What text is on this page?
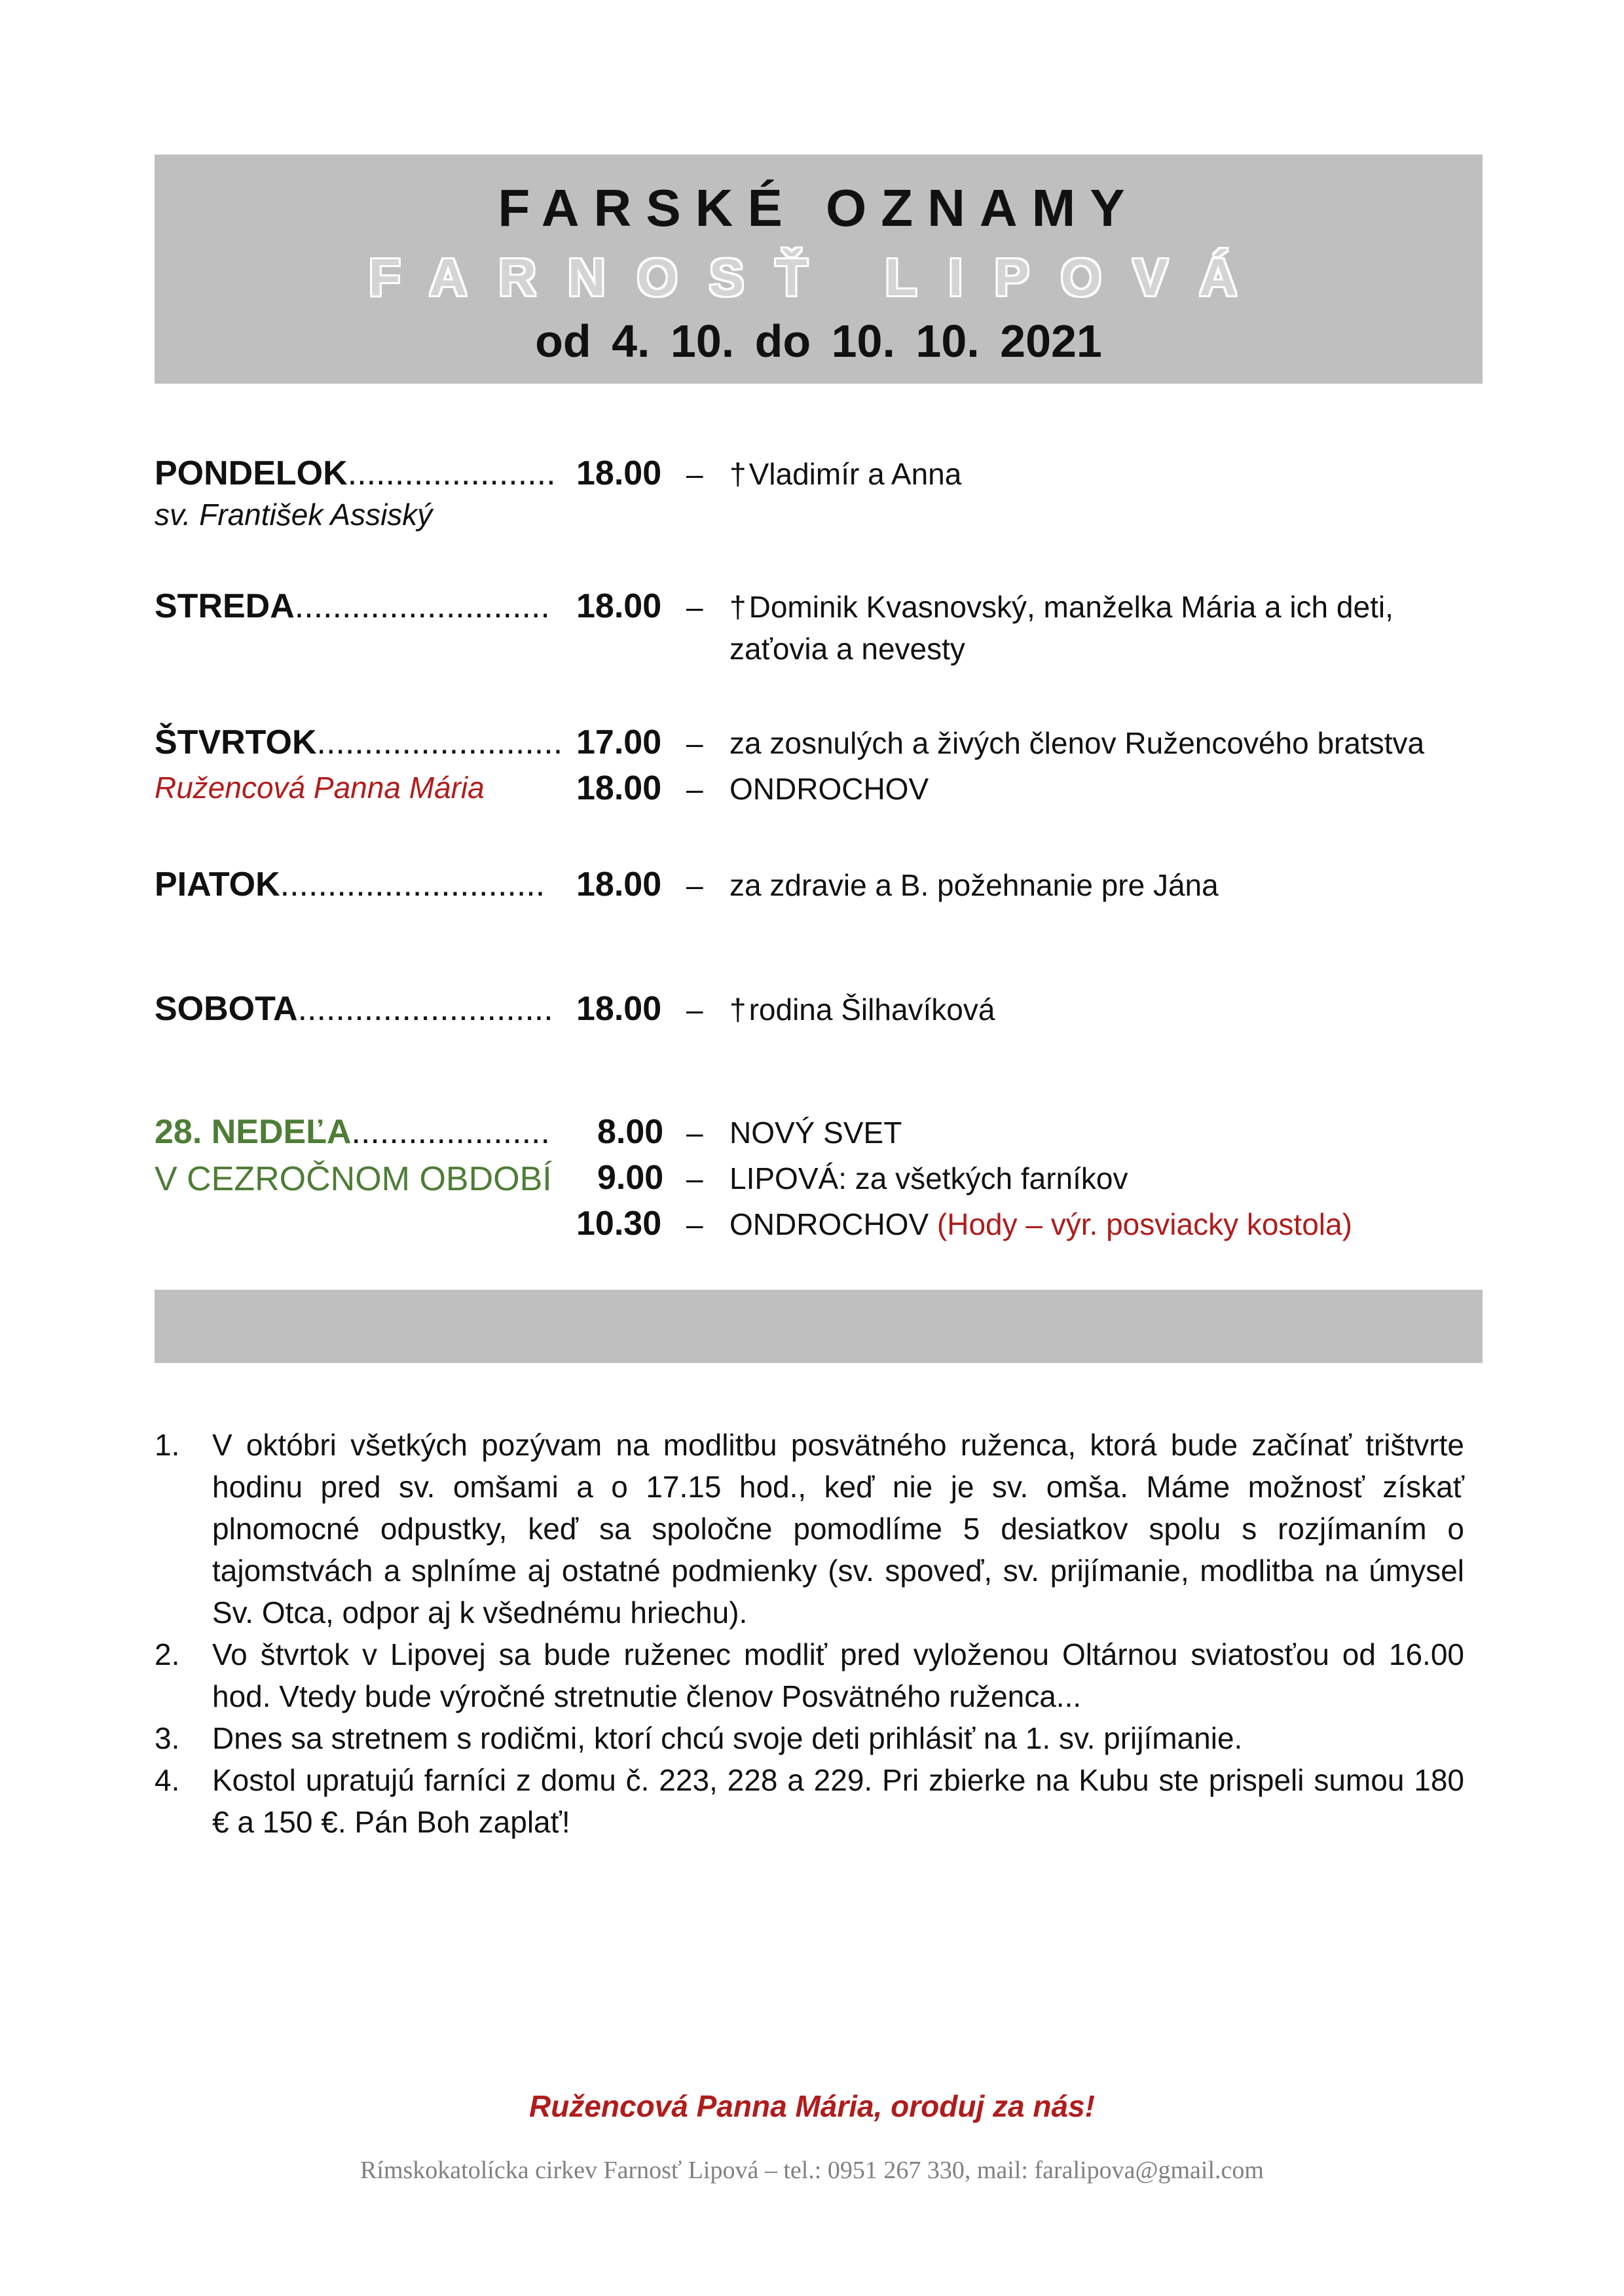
FARSKÉ OZNAMY
FARNOSŤ LIPOVÁ
od 4. 10. do 10. 10. 2021
PONDELOK...................... 18.00 – †Vladimír a Anna
sv. František Assiský
STREDA........................... 18.00 – †Dominik Kvasnovský, manželka Mária a ich deti,
zaťovia a nevesty
ŠTVRTOK.......................... 17.00 – za zosnulých a živých členov Ružencového bratstva
Ružencová Panna Mária	18.00 – ONDROCHOV
PIATOK............................ 18.00 – za zdravie a B. požehnanie pre Jána
SOBOTA........................... 18.00 – †rodina Šilhavíková
28. NEDEĽA.....................
V CEZROČNOM OBDOBÍ
8.00 – NOVÝ SVET
9.00 – LIPOVÁ: za všetkých farníkov
10.30 – ONDROCHOV (Hody – výr. posviacky kostola)
1.	V októbri všetkých pozývam na modlitbu posvätného ruženca, ktorá bude začínať trištvrte hodinu pred sv. omšami a o 17.15 hod., keď nie je sv. omša. Máme možnosť získať plnomocné odpustky, keď sa spoločne pomodlíme 5 desiatkov spolu s rozjímaním o tajomstvách a splníme aj ostatné podmienky (sv. spoveď, sv. prijímanie, modlitba na úmysel Sv. Otca, odpor aj k všednému hriechu).
2.	Vo štvrtok v Lipovej sa bude ruženec modliť pred vyloženou Oltárnou sviatosťou od 16.00 hod. Vtedy bude výročné stretnutie členov Posvätného ruženca...
3.	Dnes sa stretnem s rodičmi, ktorí chcú svoje deti prihlásiť na 1. sv. prijímanie.
4.	Kostol upratujú farníci z domu č. 223, 228 a 229. Pri zbierke na Kubu ste prispeli sumou 180 € a 150 €. Pán Boh zaplať!
Ružencová Panna Mária, oroduj za nás!
Rímskokatolícka cirkev Farnosť Lipová – tel.: 0951 267 330, mail: faralipova@gmail.com
